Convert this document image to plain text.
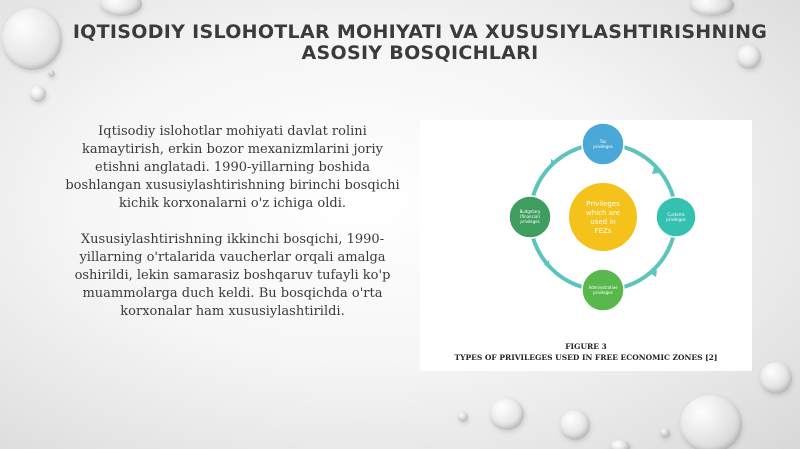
IQTISODIY ISLOHOTLAR MOHIYATI VA XUSUSIYLASHTIRISHNING
ASOSIY BOSQICHLARI

Iqtisodiy islohotlar mohiyati davlat rolini kamaytirish, erkin bozor mexanizmlarini joriy etishni anglatadi. 1990-yillarning boshida boshlangan xususiylashtirishning birinchi bosqichi kichik korxonalarni o'z ichiga oldi.

Xususiylashtirishning ikkinchi bosqichi, 1990-yillarning o'rtalarida vaucherlar orqali amalga oshirildi, lekin samarasiz boshqaruv tufayli ko'p muammolarga duch keldi. Bu bosqichda o'rta korxonalar ham xususiylashtirildi.

Privileges
which are
used in
FEZs
Tax
privileges
Customs
privileges
Administrative
privileges
Budgetary
(financial)
privileges
FIGURE 3
TYPES OF PRIVILEGES USED IN FREE ECONOMIC ZONES [2]
